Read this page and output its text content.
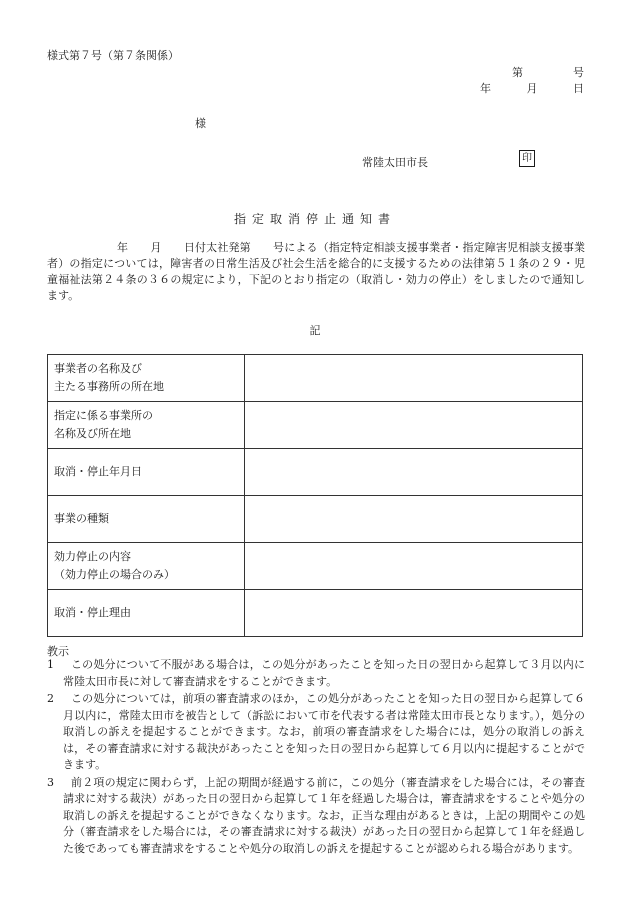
様式第７号（第７条関係）
第	号
年	月	日
様
常陸太田市長	印
指定取消停止通知書
年　　月　　日付太社発第　　号による（指定特定相談支援事業者・指定障害児相談支援事業者）の指定については，障害者の日常生活及び社会生活を総合的に支援するための法律第５１条の２９・児童福祉法第２４条の３６の規定により，下記のとおり指定の（取消し・効力の停止）をしましたので通知します。
記
事業者の名称及び
主たる事務所の所在地	

指定に係る事業所の
名称及び所在地	

取消・停止年月日	

事業の種類	

効力停止の内容
（効力停止の場合のみ）	

取消・停止理由	

教示
1	この処分について不服がある場合は，この処分があったことを知った日の翌日から起算して３月以内に常陸太田市長に対して審査請求をすることができます。
2	この処分については，前項の審査請求のほか，この処分があったことを知った日の翌日から起算して６月以内に，常陸太田市を被告として（訴訟において市を代表する者は常陸太田市長となります。），処分の取消しの訴えを提起することができます。なお，前項の審査請求をした場合には，処分の取消しの訴えは，その審査請求に対する裁決があったことを知った日の翌日から起算して６月以内に提起することができます。
3	前２項の規定に関わらず，上記の期間が経過する前に，この処分（審査請求をした場合には，その審査請求に対する裁決）があった日の翌日から起算して１年を経過した場合は，審査請求をすることや処分の取消しの訴えを提起することができなくなります。なお，正当な理由があるときは，上記の期間やこの処分（審査請求をした場合には，その審査請求に対する裁決）があった日の翌日から起算して１年を経過した後であっても審査請求をすることや処分の取消しの訴えを提起することが認められる場合があります。
